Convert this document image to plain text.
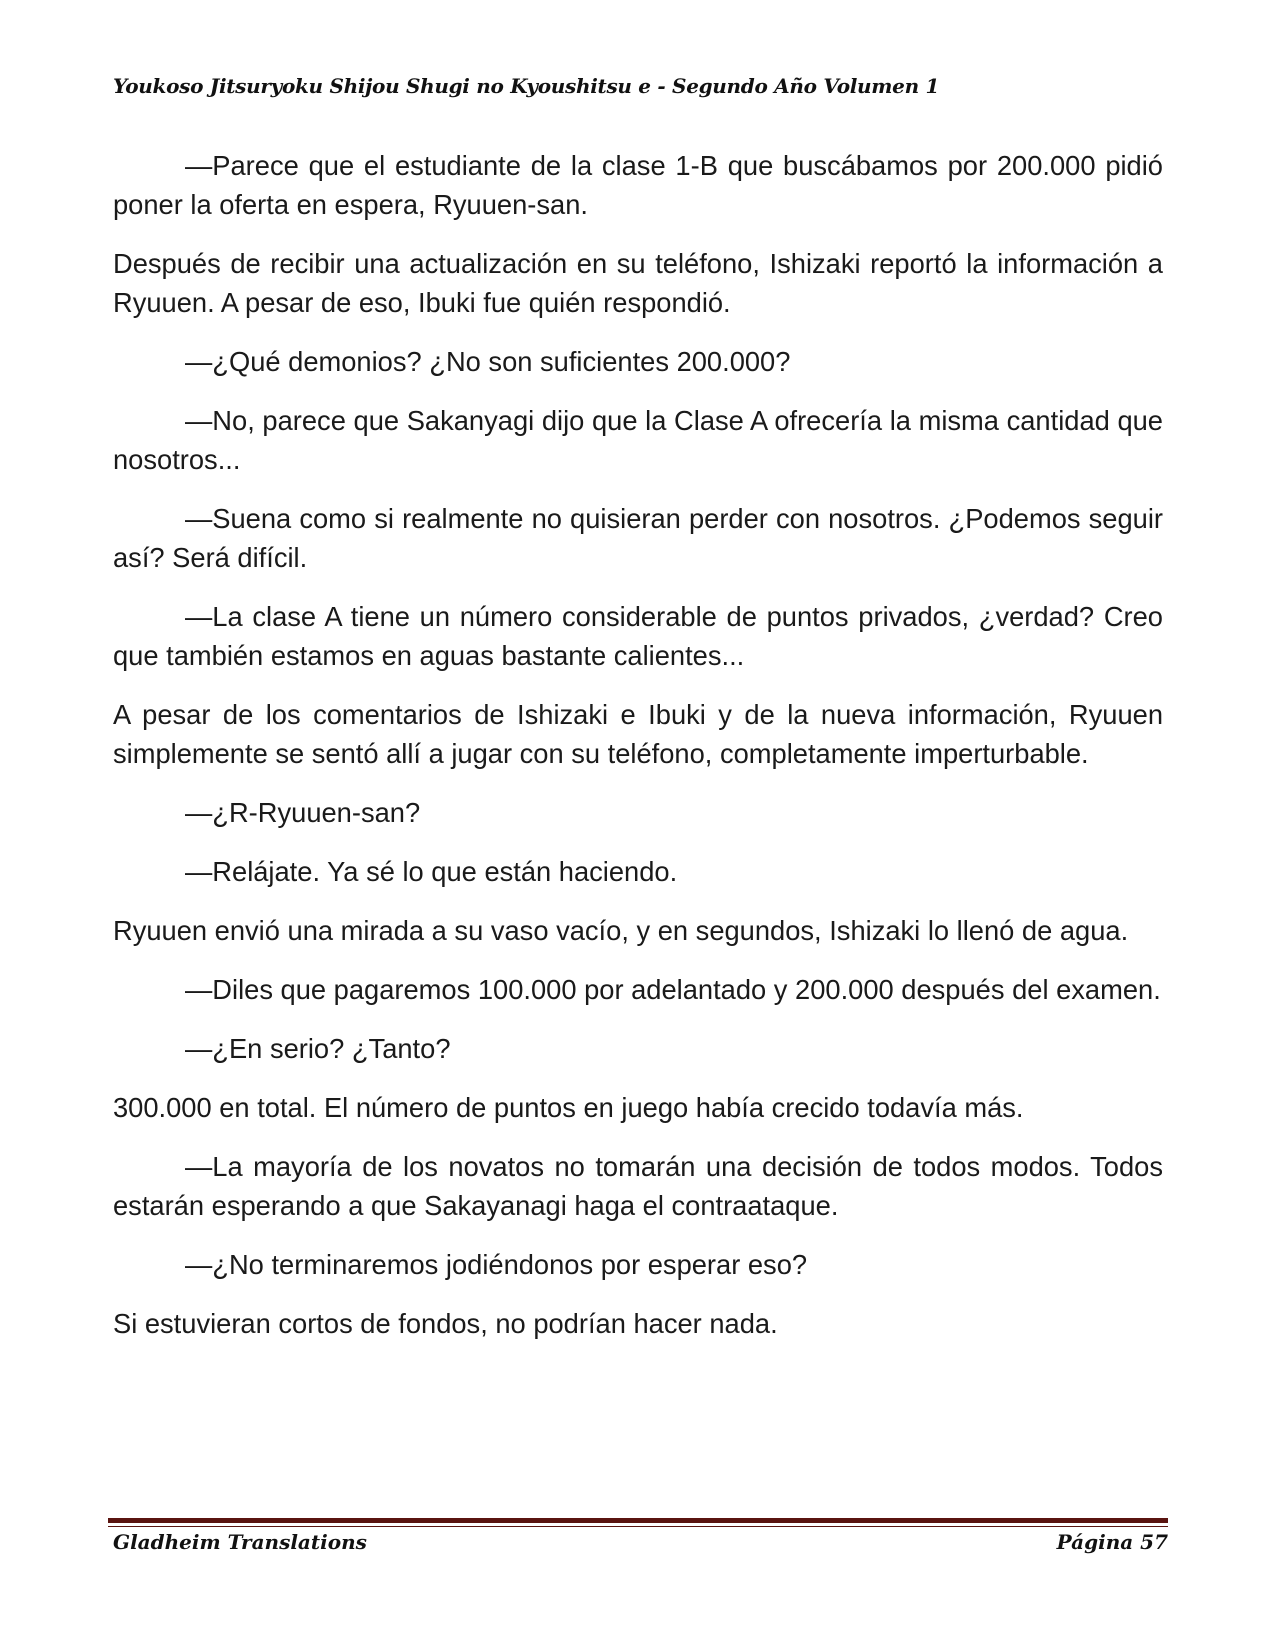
Youkoso Jitsuryoku Shijou Shugi no Kyoushitsu e - Segundo Año Volumen 1

—Parece que el estudiante de la clase 1-B que buscábamos por 200.000 pidió poner la oferta en espera, Ryuuen-san.

Después de recibir una actualización en su teléfono, Ishizaki reportó la información a Ryuuen. A pesar de eso, Ibuki fue quién respondió.

—¿Qué demonios? ¿No son suficientes 200.000?

—No, parece que Sakanyagi dijo que la Clase A ofrecería la misma cantidad que nosotros...

—Suena como si realmente no quisieran perder con nosotros. ¿Podemos seguir así? Será difícil.

—La clase A tiene un número considerable de puntos privados, ¿verdad? Creo que también estamos en aguas bastante calientes...

A pesar de los comentarios de Ishizaki e Ibuki y de la nueva información, Ryuuen simplemente se sentó allí a jugar con su teléfono, completamente imperturbable.

—¿R-Ryuuen-san?

—Relájate. Ya sé lo que están haciendo.

Ryuuen envió una mirada a su vaso vacío, y en segundos, Ishizaki lo llenó de agua.

—Diles que pagaremos 100.000 por adelantado y 200.000 después del examen.

—¿En serio? ¿Tanto?

300.000 en total. El número de puntos en juego había crecido todavía más.

—La mayoría de los novatos no tomarán una decisión de todos modos. Todos estarán esperando a que Sakayanagi haga el contraataque.

—¿No terminaremos jodiéndonos por esperar eso?

Si estuvieran cortos de fondos, no podrían hacer nada.

Gladheim Translations	Página 57
